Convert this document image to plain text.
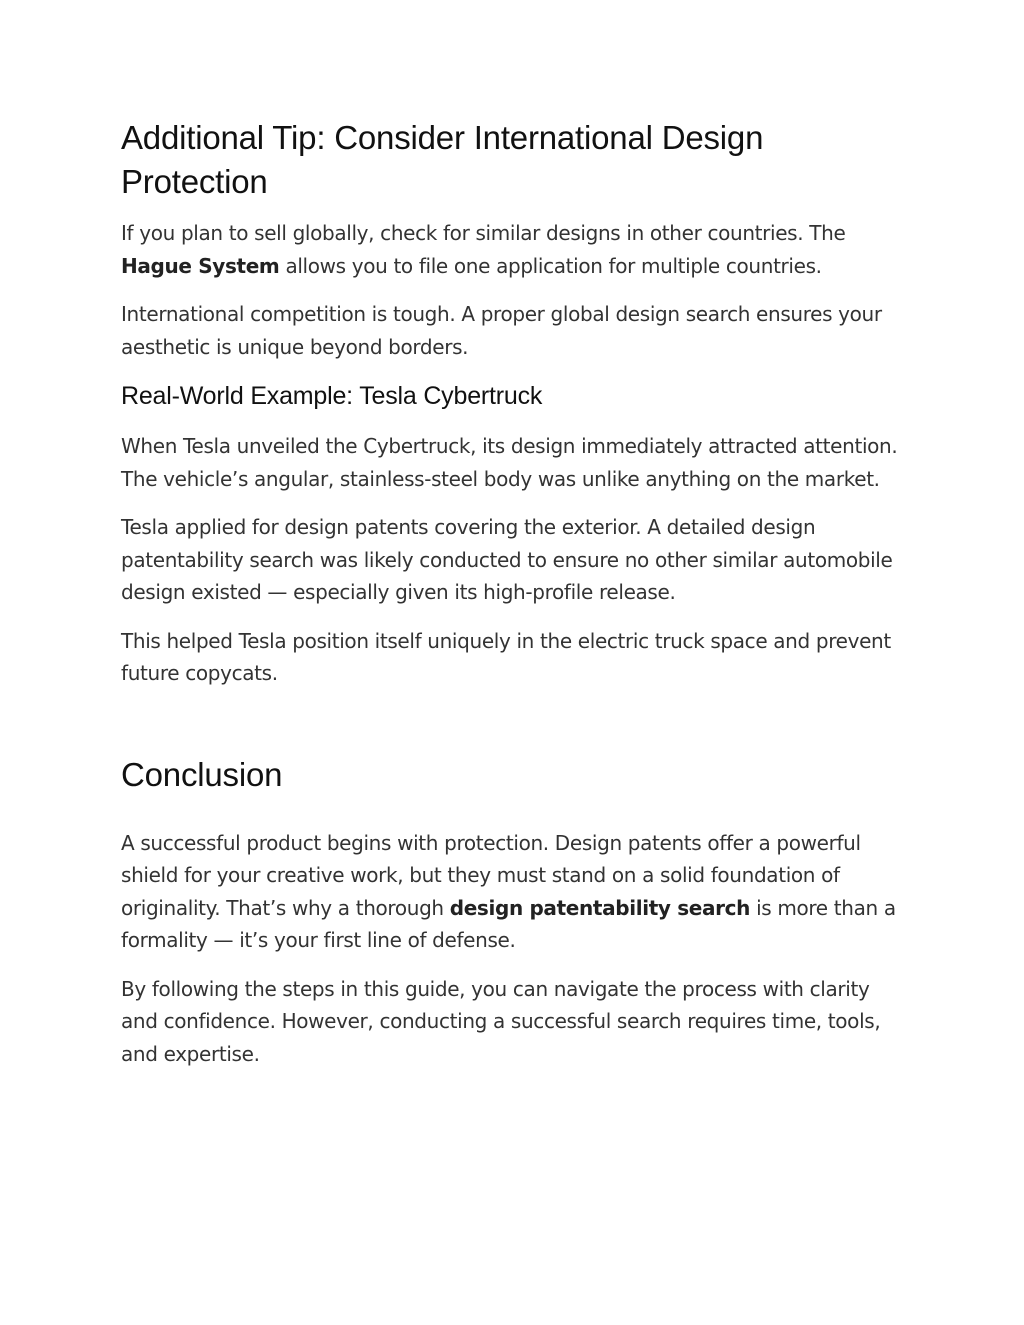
Additional Tip: Consider International Design Protection

If you plan to sell globally, check for similar designs in other countries. The Hague System allows you to file one application for multiple countries.

International competition is tough. A proper global design search ensures your aesthetic is unique beyond borders.

Real-World Example: Tesla Cybertruck

When Tesla unveiled the Cybertruck, its design immediately attracted attention. The vehicle’s angular, stainless-steel body was unlike anything on the market.

Tesla applied for design patents covering the exterior. A detailed design patentability search was likely conducted to ensure no other similar automobile design existed — especially given its high-profile release.

This helped Tesla position itself uniquely in the electric truck space and prevent future copycats.

Conclusion

A successful product begins with protection. Design patents offer a powerful shield for your creative work, but they must stand on a solid foundation of originality. That’s why a thorough design patentability search is more than a formality — it’s your first line of defense.

By following the steps in this guide, you can navigate the process with clarity and confidence. However, conducting a successful search requires time, tools, and expertise.
